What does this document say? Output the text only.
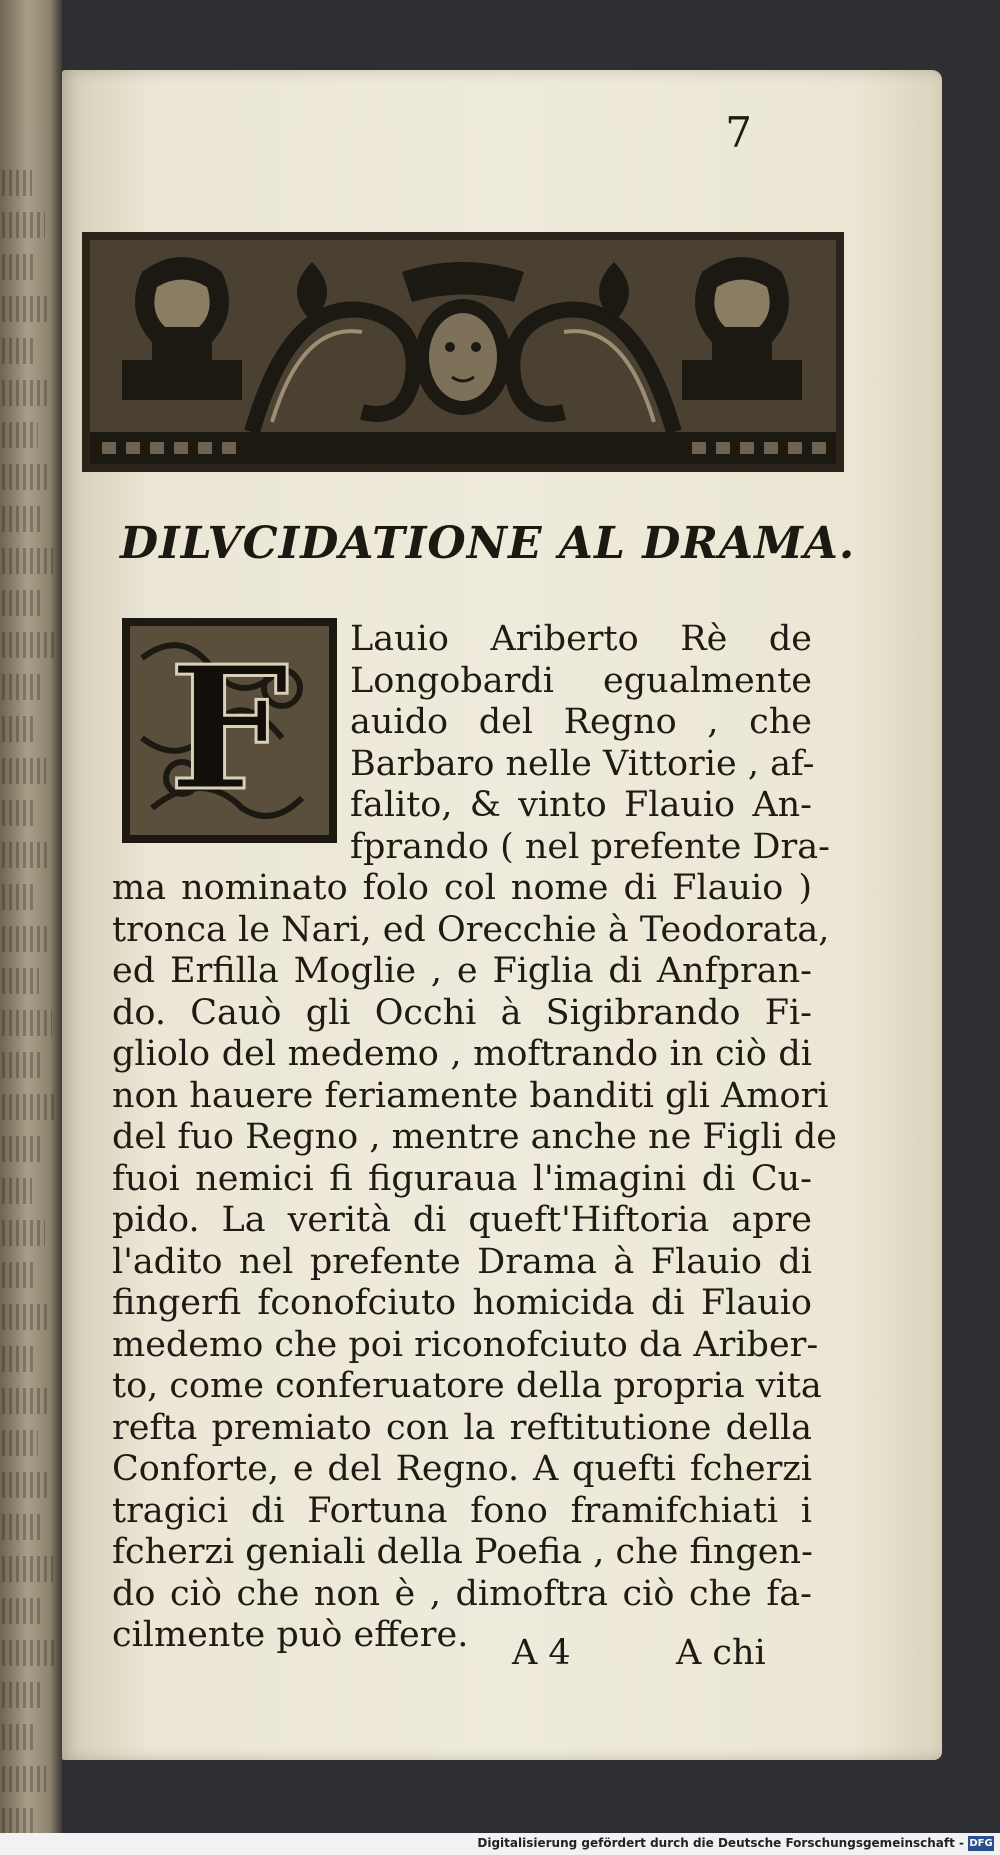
7
DILVCIDATIONE AL DRAMA.
F Lauio Ariberto Rè de
Longobardi egualmente
auido del Regno , che
Barbaro nelle Vittorie , af-
falito, & vinto Flauio An-
fprando ( nel prefente Dra-
ma nominato folo col nome di Flauio )
tronca le Nari, ed Orecchie à Teodorata,
ed Erfilla Moglie , e Figlia di Anfpran-
do. Cauò gli Occhi à Sigibrando Fi-
gliolo del medemo , moftrando in ciò di
non hauere feriamente banditi gli Amori
del fuo Regno , mentre anche ne Figli de
fuoi nemici fi figuraua l'imagini di Cu-
pido. La verità di queft'Hiftoria apre
l'adito nel prefente Drama à Flauio di
fingerfi fconofciuto homicida di Flauio
medemo che poi riconofciuto da Ariber-
to, come conferuatore della propria vita
refta premiato con la reftitutione della
Conforte, e del Regno. A quefti fcherzi
tragici di Fortuna fono framifchiati i
fcherzi geniali della Poefia , che fingen-
do ciò che non è , dimoftra ciò che fa-
cilmente può effere.	A 4	A chi
Digitalisierung gefördert durch die Deutsche Forschungsgemeinschaft - DFG
